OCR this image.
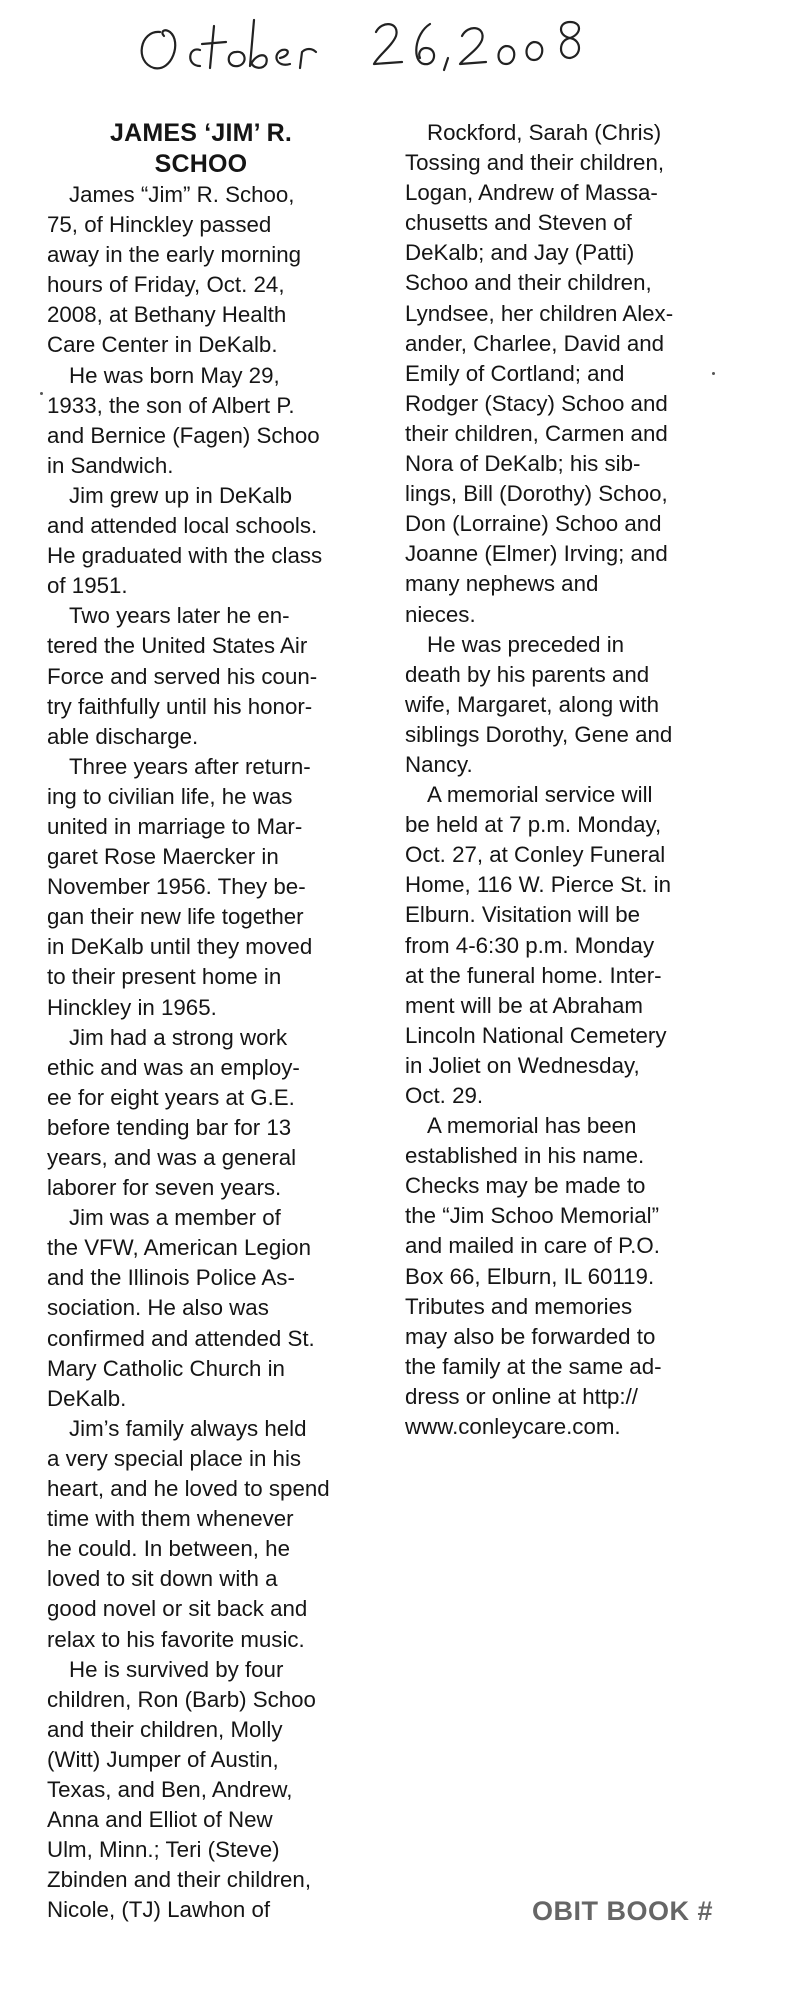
JAMES ‘JIM’ R.
SCHOO
James “Jim” R. Schoo,
75, of Hinckley passed
away in the early morning
hours of Friday, Oct. 24,
2008, at Bethany Health
Care Center in DeKalb.
He was born May 29,
1933, the son of Albert P.
and Bernice (Fagen) Schoo
in Sandwich.
Jim grew up in DeKalb
and attended local schools.
He graduated with the class
of 1951.
Two years later he en-
tered the United States Air
Force and served his coun-
try faithfully until his honor-
able discharge.
Three years after return-
ing to civilian life, he was
united in marriage to Mar-
garet Rose Maercker in
November 1956. They be-
gan their new life together
in DeKalb until they moved
to their present home in
Hinckley in 1965.
Jim had a strong work
ethic and was an employ-
ee for eight years at G.E.
before tending bar for 13
years, and was a general
laborer for seven years.
Jim was a member of
the VFW, American Legion
and the Illinois Police As-
sociation. He also was
confirmed and attended St.
Mary Catholic Church in
DeKalb.
Jim’s family always held
a very special place in his
heart, and he loved to spend
time with them whenever
he could. In between, he
loved to sit down with a
good novel or sit back and
relax to his favorite music.
He is survived by four
children, Ron (Barb) Schoo
and their children, Molly
(Witt) Jumper of Austin,
Texas, and Ben, Andrew,
Anna and Elliot of New
Ulm, Minn.; Teri (Steve)
Zbinden and their children,
Nicole, (TJ) Lawhon of
Rockford, Sarah (Chris)
Tossing and their children,
Logan, Andrew of Massa-
chusetts and Steven of
DeKalb; and Jay (Patti)
Schoo and their children,
Lyndsee, her children Alex-
ander, Charlee, David and
Emily of Cortland; and
Rodger (Stacy) Schoo and
their children, Carmen and
Nora of DeKalb; his sib-
lings, Bill (Dorothy) Schoo,
Don (Lorraine) Schoo and
Joanne (Elmer) Irving; and
many nephews and
nieces.
He was preceded in
death by his parents and
wife, Margaret, along with
siblings Dorothy, Gene and
Nancy.
A memorial service will
be held at 7 p.m. Monday,
Oct. 27, at Conley Funeral
Home, 116 W. Pierce St. in
Elburn. Visitation will be
from 4-6:30 p.m. Monday
at the funeral home. Inter-
ment will be at Abraham
Lincoln National Cemetery
in Joliet on Wednesday,
Oct. 29.
A memorial has been
established in his name.
Checks may be made to
the “Jim Schoo Memorial”
and mailed in care of P.O.
Box 66, Elburn, IL 60119.
Tributes and memories
may also be forwarded to
the family at the same ad-
dress or online at http://
www.conleycare.com.
OBIT BOOK #
